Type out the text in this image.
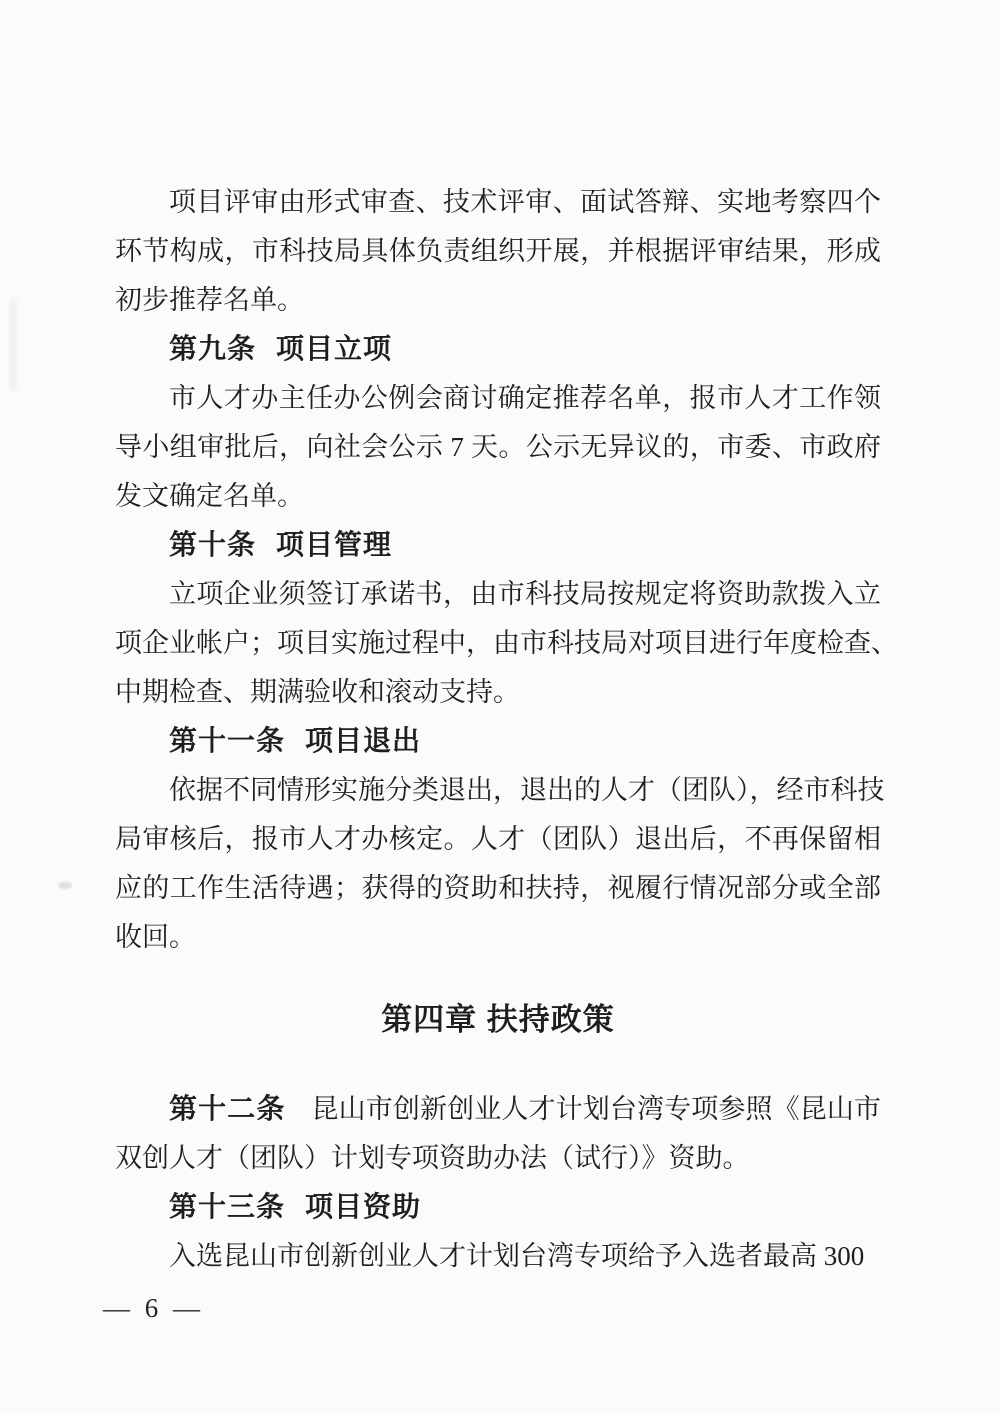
项目评审由形式审查、技术评审、面试答辩、实地考察四个
环节构成，市科技局具体负责组织开展，并根据评审结果，形成
初步推荐名单。
第九条 项目立项
市人才办主任办公例会商讨确定推荐名单，报市人才工作领
导小组审批后，向社会公示 7 天。公示无异议的，市委、市政府
发文确定名单。
第十条 项目管理
立项企业须签订承诺书，由市科技局按规定将资助款拨入立
项企业帐户；项目实施过程中，由市科技局对项目进行年度检查、
中期检查、期满验收和滚动支持。
第十一条 项目退出
依据不同情形实施分类退出，退出的人才（团队），经市科技
局审核后，报市人才办核定。人才（团队）退出后，不再保留相
应的工作生活待遇；获得的资助和扶持，视履行情况部分或全部
收回。
第四章 扶持政策
第十二条 昆山市创新创业人才计划台湾专项参照《昆山市
双创人才（团队）计划专项资助办法（试行）》资助。
第十三条 项目资助
入选昆山市创新创业人才计划台湾专项给予入选者最高 300
— 6 —
